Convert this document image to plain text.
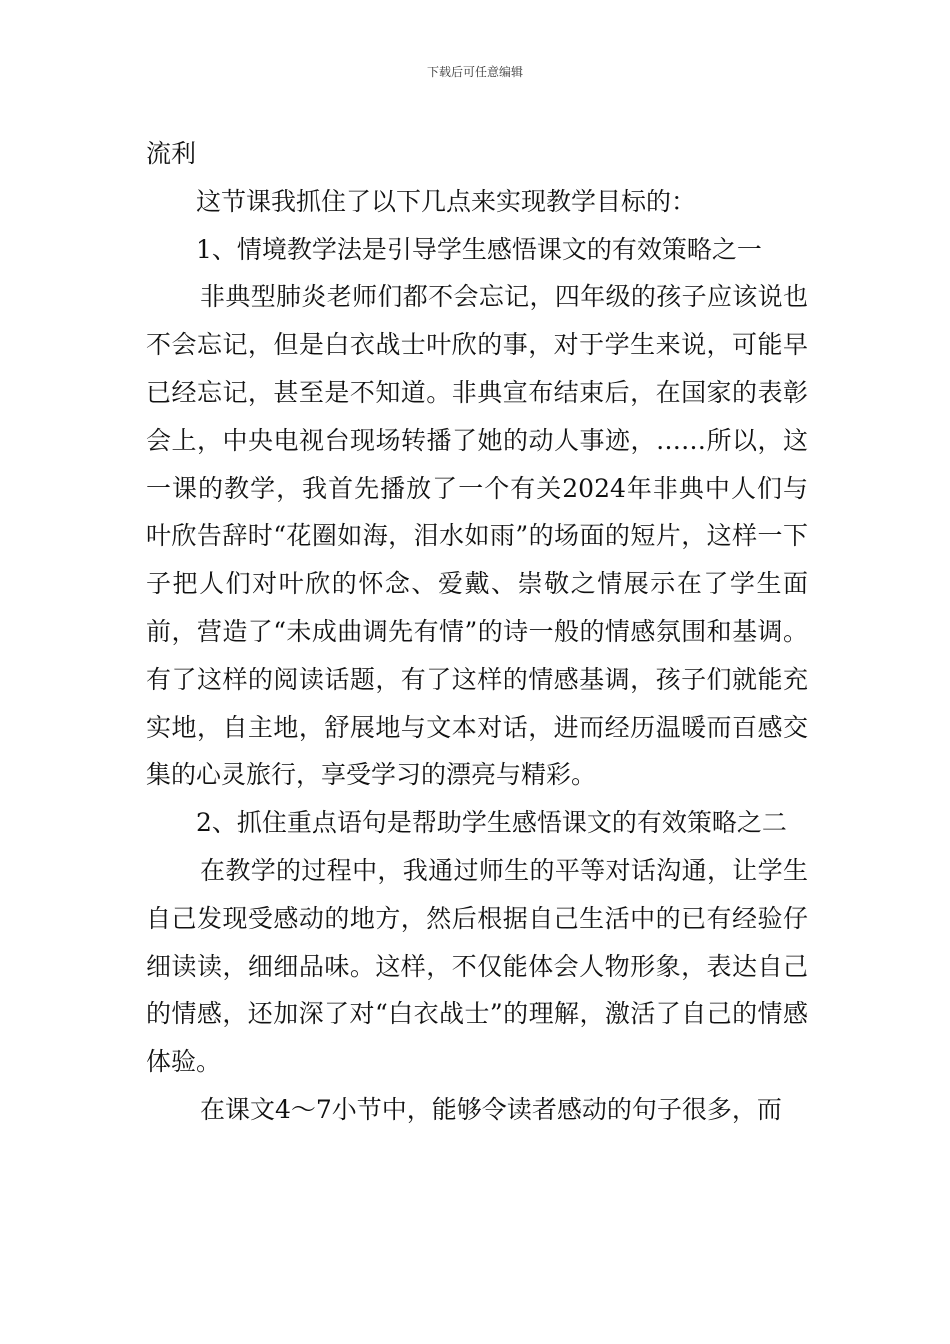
下载后可任意编辑

流利

这节课我抓住了以下几点来实现教学目标的：

1、情境教学法是引导学生感悟课文的有效策略之一

非典型肺炎老师们都不会忘记，四年级的孩子应该说也不会忘记，但是白衣战士叶欣的事，对于学生来说，可能早已经忘记，甚至是不知道。非典宣布结束后，在国家的表彰会上，中央电视台现场转播了她的动人事迹，……所以，这一课的教学，我首先播放了一个有关2024年非典中人们与叶欣告辞时“花圈如海，泪水如雨”的场面的短片，这样一下子把人们对叶欣的怀念、爱戴、崇敬之情展示在了学生面前，营造了“未成曲调先有情”的诗一般的情感氛围和基调。有了这样的阅读话题，有了这样的情感基调，孩子们就能充实地，自主地，舒展地与文本对话，进而经历温暖而百感交集的心灵旅行，享受学习的漂亮与精彩。

2、抓住重点语句是帮助学生感悟课文的有效策略之二

在教学的过程中，我通过师生的平等对话沟通，让学生自己发现受感动的地方，然后根据自己生活中的已有经验仔细读读，细细品味。这样，不仅能体会人物形象，表达自己的情感，还加深了对“白衣战士”的理解，激活了自己的情感体验。

在课文4～7小节中，能够令读者感动的句子很多，而
